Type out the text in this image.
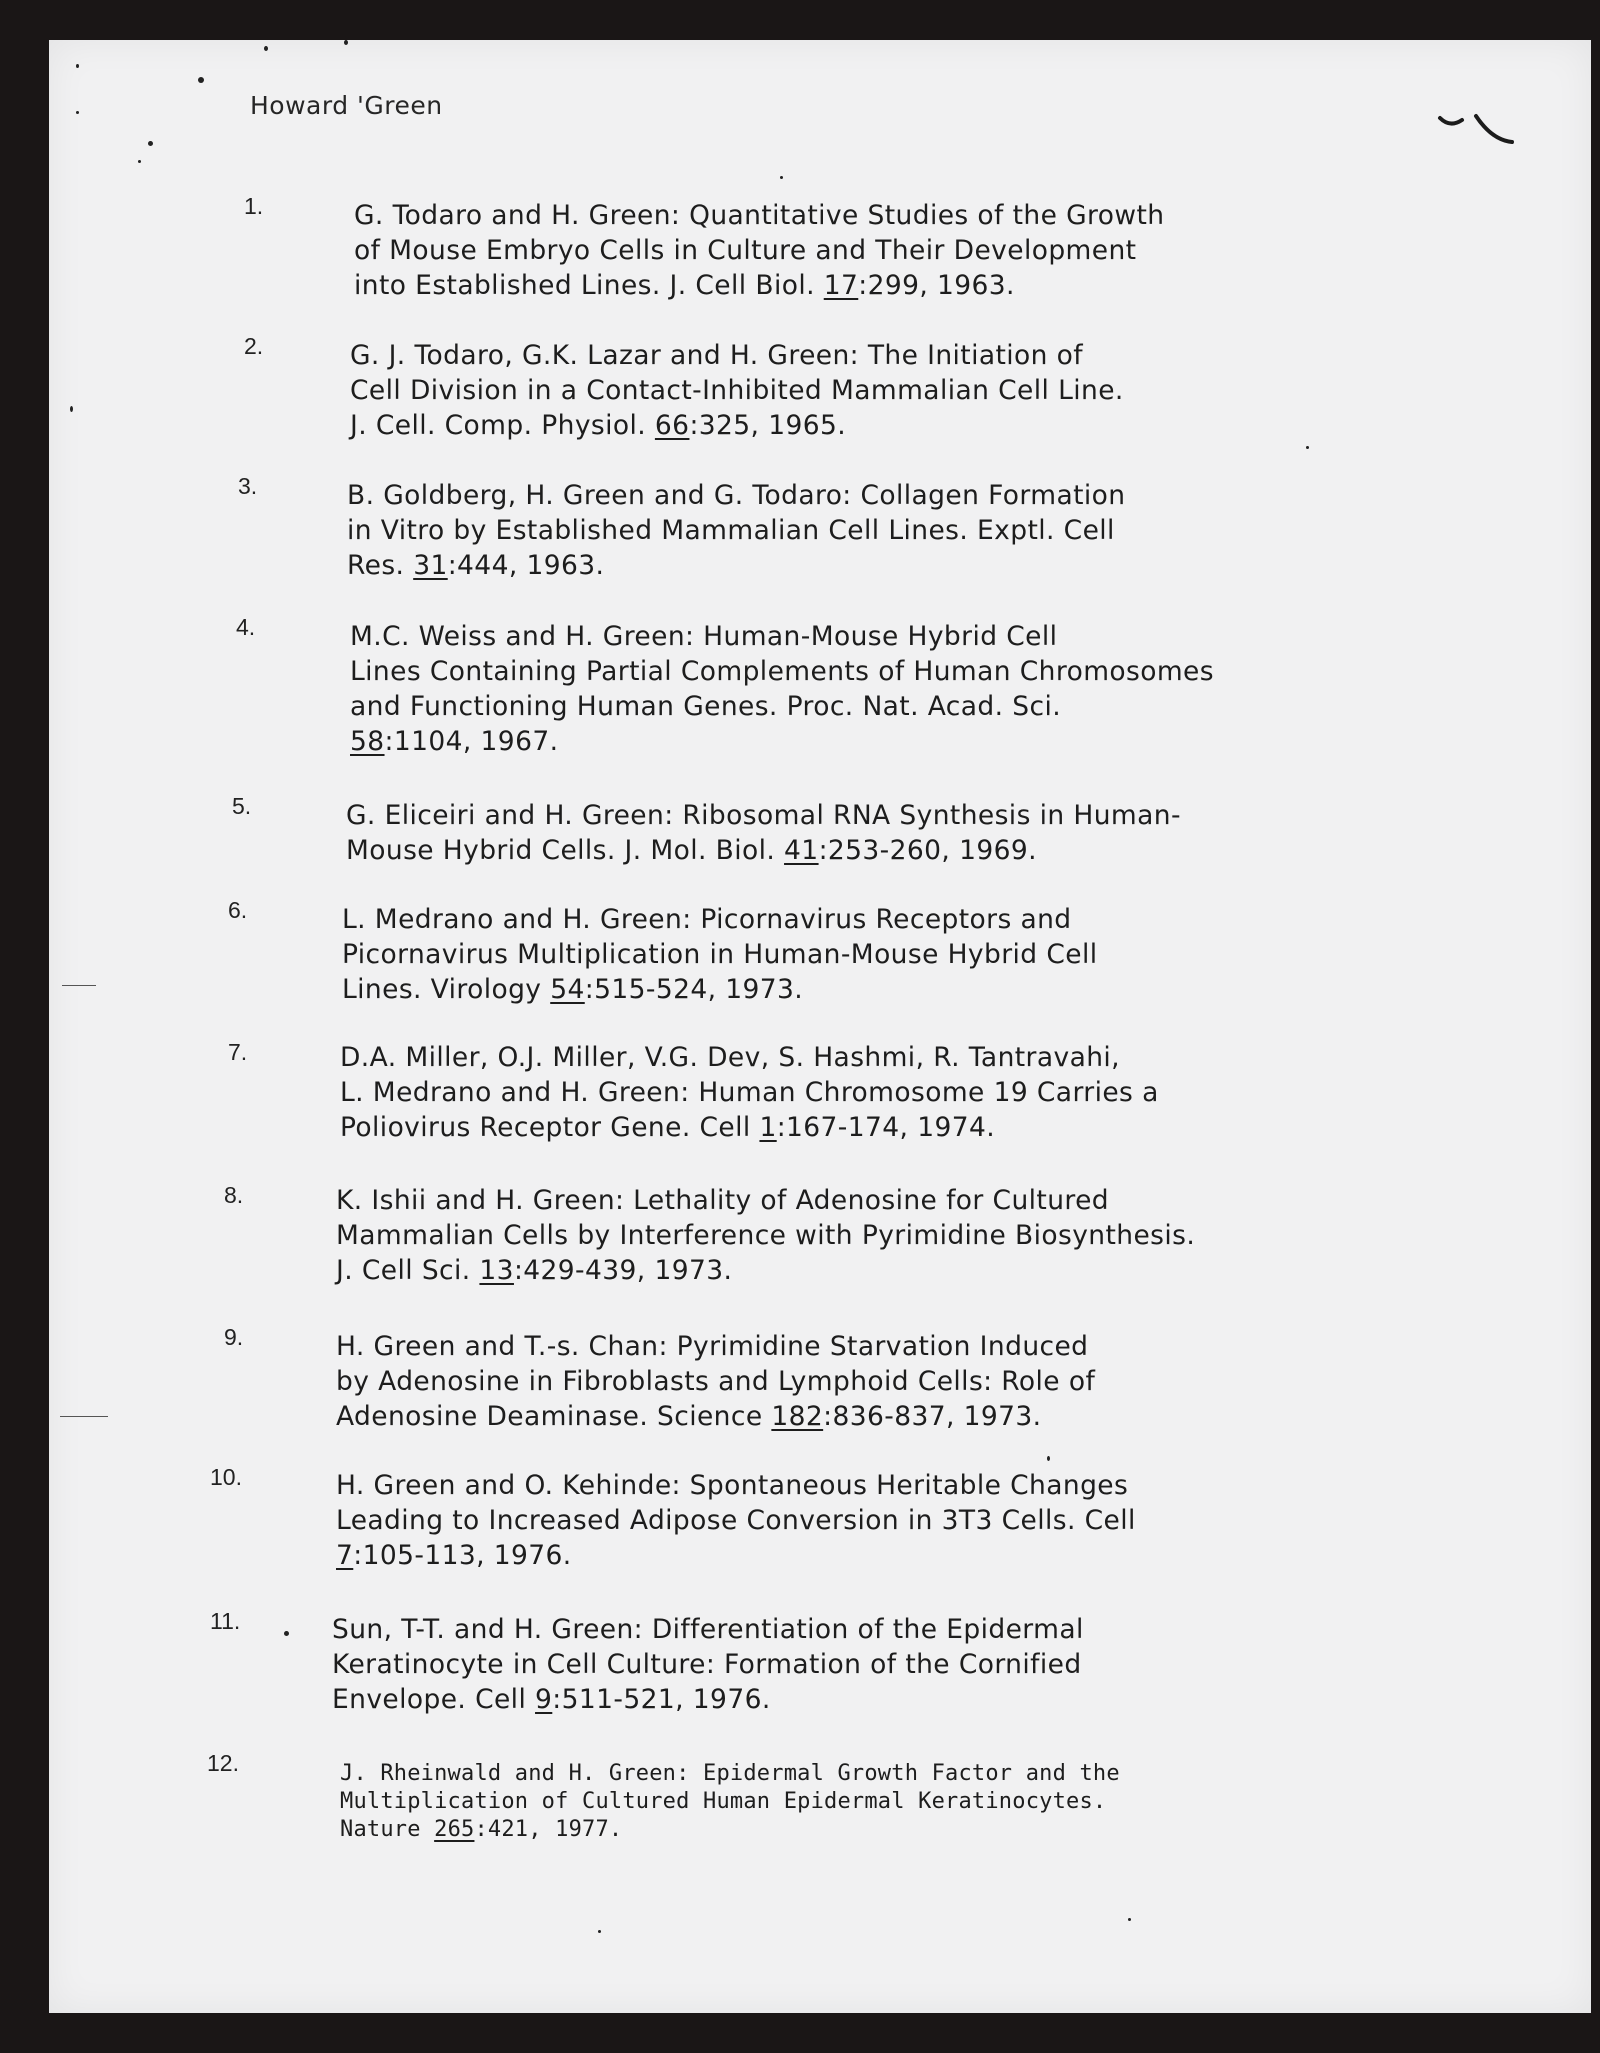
Howard 'Green
1.	G. Todaro and H. Green: Quantitative Studies of the Growth
of Mouse Embryo Cells in Culture and Their Development
into Established Lines. J. Cell Biol. 17:299, 1963.
2.	G. J. Todaro, G.K. Lazar and H. Green: The Initiation of
Cell Division in a Contact-Inhibited Mammalian Cell Line.
J. Cell. Comp. Physiol. 66:325, 1965.
3.	B. Goldberg, H. Green and G. Todaro: Collagen Formation
in Vitro by Established Mammalian Cell Lines. Exptl. Cell
Res. 31:444, 1963.
4.	M.C. Weiss and H. Green: Human-Mouse Hybrid Cell
Lines Containing Partial Complements of Human Chromosomes
and Functioning Human Genes. Proc. Nat. Acad. Sci.
58:1104, 1967.
5.	G. Eliceiri and H. Green: Ribosomal RNA Synthesis in Human-
Mouse Hybrid Cells. J. Mol. Biol. 41:253-260, 1969.
6.	L. Medrano and H. Green: Picornavirus Receptors and
Picornavirus Multiplication in Human-Mouse Hybrid Cell
Lines. Virology 54:515-524, 1973.
7.	D.A. Miller, O.J. Miller, V.G. Dev, S. Hashmi, R. Tantravahi,
L. Medrano and H. Green: Human Chromosome 19 Carries a
Poliovirus Receptor Gene. Cell 1:167-174, 1974.
8.	K. Ishii and H. Green: Lethality of Adenosine for Cultured
Mammalian Cells by Interference with Pyrimidine Biosynthesis.
J. Cell Sci. 13:429-439, 1973.
9.	H. Green and T.-s. Chan: Pyrimidine Starvation Induced
by Adenosine in Fibroblasts and Lymphoid Cells: Role of
Adenosine Deaminase. Science 182:836-837, 1973.
10.	H. Green and O. Kehinde: Spontaneous Heritable Changes
Leading to Increased Adipose Conversion in 3T3 Cells. Cell
7:105-113, 1976.
11.	Sun, T-T. and H. Green: Differentiation of the Epidermal
Keratinocyte in Cell Culture: Formation of the Cornified
Envelope. Cell 9:511-521, 1976.
12.	J. Rheinwald and H. Green: Epidermal Growth Factor and the
Multiplication of Cultured Human Epidermal Keratinocytes.
Nature 265:421, 1977.
